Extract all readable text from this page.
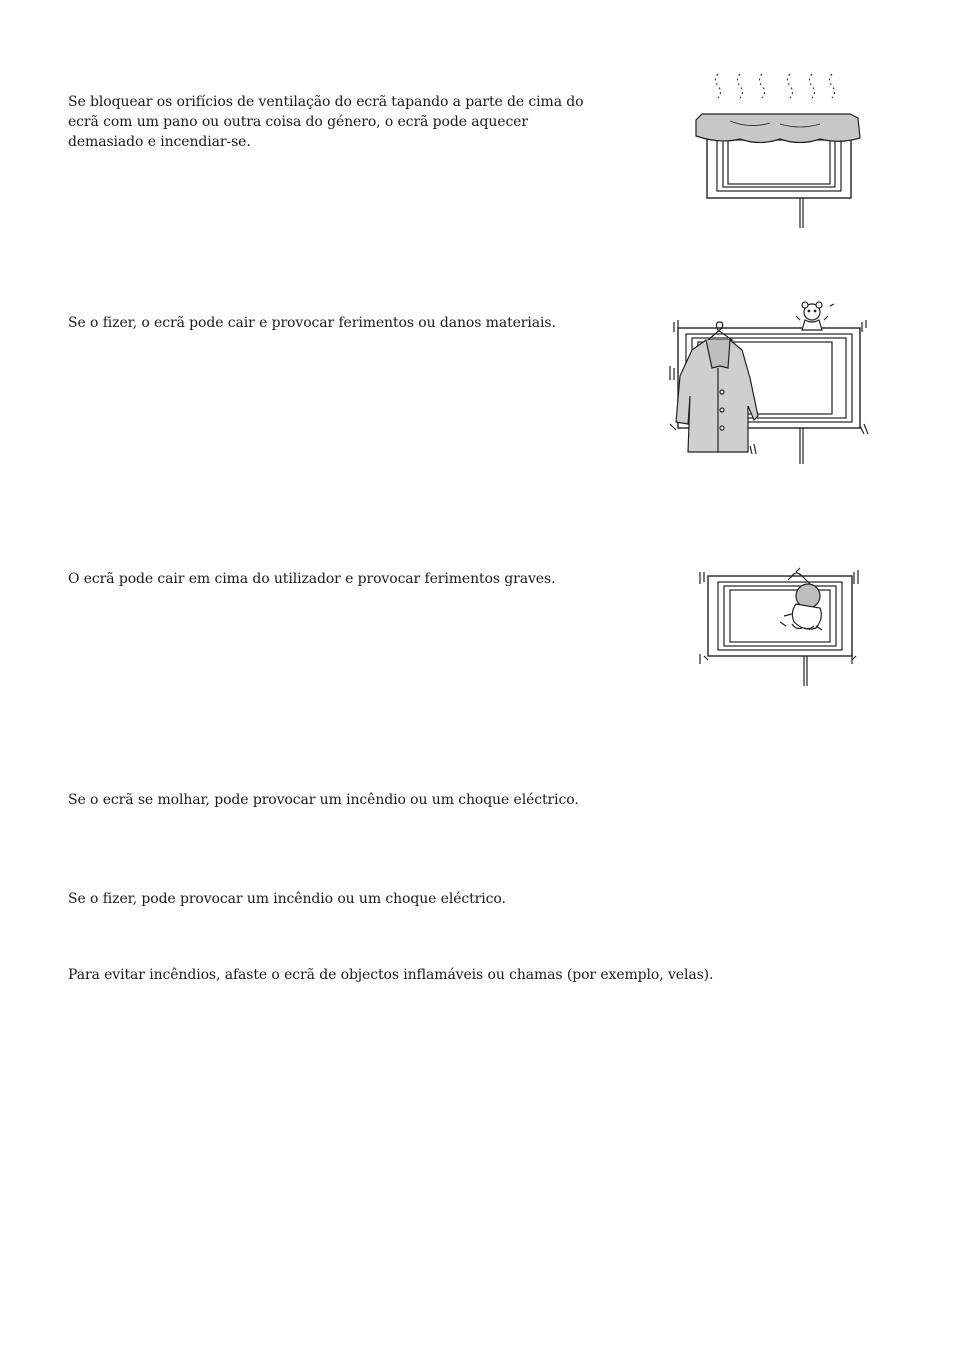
Se bloquear os orifícios de ventilação do ecrã tapando a parte de cima do ecrã com um pano ou outra coisa do género, o ecrã pode aquecer demasiado e incendiar-se.

Se o fizer, o ecrã pode cair e provocar ferimentos ou danos materiais.

O ecrã pode cair em cima do utilizador e provocar ferimentos graves.

Se o ecrã se molhar, pode provocar um incêndio ou um choque eléctrico.

Se o fizer, pode provocar um incêndio ou um choque eléctrico.

Para evitar incêndios, afaste o ecrã de objectos inflamáveis ou chamas (por exemplo, velas).
